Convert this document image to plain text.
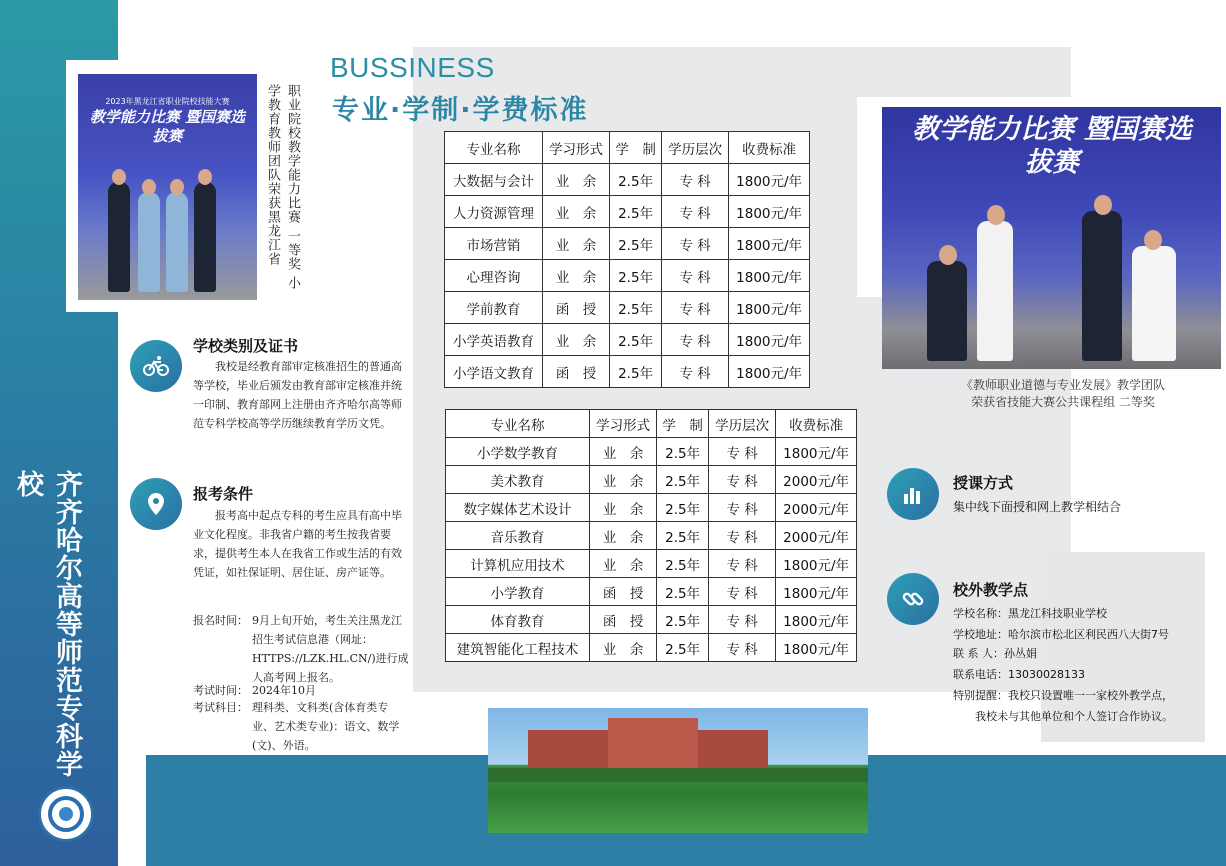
齐齐哈尔高等师范专科学校
2023年黑龙江省职业院校技能大赛
教学能力比赛 暨国赛选拔赛	职业院校教学能力比赛 一等奖 小学教育教师团队荣获黑龙江省
BUSSINESS
专业·学制·学费标准
专业名称	学习形式	学　制	学历层次	收费标准
大数据与会计	业　余	2.5年	专 科	1800元/年
人力资源管理	业　余	2.5年	专 科	1800元/年
市场营销	业　余	2.5年	专 科	1800元/年
心理咨询	业　余	2.5年	专 科	1800元/年
学前教育	函　授	2.5年	专 科	1800元/年
小学英语教育	业　余	2.5年	专 科	1800元/年
小学语文教育	函　授	2.5年	专 科	1800元/年
专业名称	学习形式	学　制	学历层次	收费标准
小学数学教育	业　余	2.5年	专 科	1800元/年
美术教育	业　余	2.5年	专 科	2000元/年
数字媒体艺术设计	业　余	2.5年	专 科	2000元/年
音乐教育	业　余	2.5年	专 科	2000元/年
计算机应用技术	业　余	2.5年	专 科	1800元/年
小学教育	函　授	2.5年	专 科	1800元/年
体育教育	函　授	2.5年	专 科	1800元/年
建筑智能化工程技术	业　余	2.5年	专 科	1800元/年
学校类别及证书
我校是经教育部审定核准招生的普通高等学校，毕业后颁发由教育部审定核准并统一印制、教育部网上注册由齐齐哈尔高等师范专科学校高等学历继续教育学历文凭。
报考条件
报考高中起点专科的考生应具有高中毕业文化程度。非我省户籍的考生按我省要求，提供考生本人在我省工作或生活的有效凭证，如社保证明、居住证、房产证等。
报名时间： 9月上旬开始，考生关注黑龙江招生考试信息港（网址：HTTPS://LZK.HL.CN/)进行成人高考网上报名。
考试时间： 2024年10月
考试科目： 理科类、文科类(含体育类专业、艺术类专业)：语文、数学(文)、外语。
教学能力比赛 暨国赛选拔赛
《教师职业道德与专业发展》教学团队
荣获省技能大赛公共课程组 二等奖
授课方式
集中线下面授和网上教学相结合
校外教学点
学校名称：黑龙江科技职业学校
学校地址：哈尔滨市松北区利民西八大街7号
联 系 人：孙丛娟
联系电话：13030028133
特别提醒：我校只设置唯一一家校外教学点，
我校未与其他单位和个人签订合作协议。
